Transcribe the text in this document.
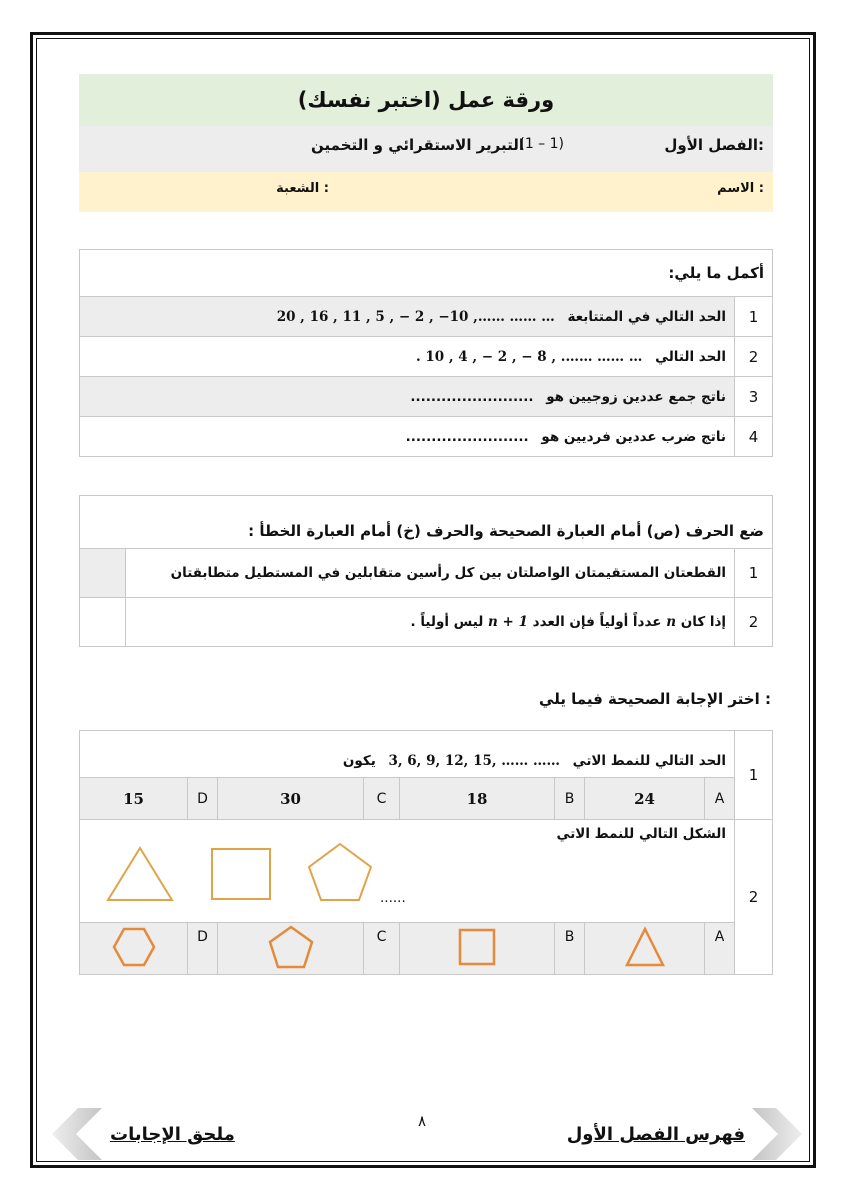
ورقة عمل (اختبر نفسك)
الفصل الأول:
(1 – 1)
التبرير الاستقرائي و التخمين
الاسم :
الشعبة :
أكمل ما يلي:	
1	الحد التالي في المتتابعة 20 , 16 , 11 , 5 , − 2 , −10 ,…… …… …
2	الحد التالي . 10 , 4 , − 2 , − 8 , .…… …… …
3	ناتج جمع عددين زوجيين هو ........................
4	ناتج ضرب عددين فرديين هو ........................
ضع الحرف (ص) أمام العبارة الصحيحة والحرف (خ) أمام العبارة الخطأ :		
1	القطعتان المستقيمتان الواصلتان بين كل رأسين متقابلين في المستطيل متطابقتان	
2	إذا كان n عدداً أولياً فإن العدد n + 1 ليس أولياً .	
اختر الإجابة الصحيحة فيما يلي :
1	الحد التالي للنمط الاتي 3, 6, 9, 12, 15, …… …… يكون							
	A	24	B	18	C	30	D	15
2	الشكل التالي للنمط الاتي
......							

	A		B		C		D	
٨
ملحق الإجابات	فهرس الفصل الأول
